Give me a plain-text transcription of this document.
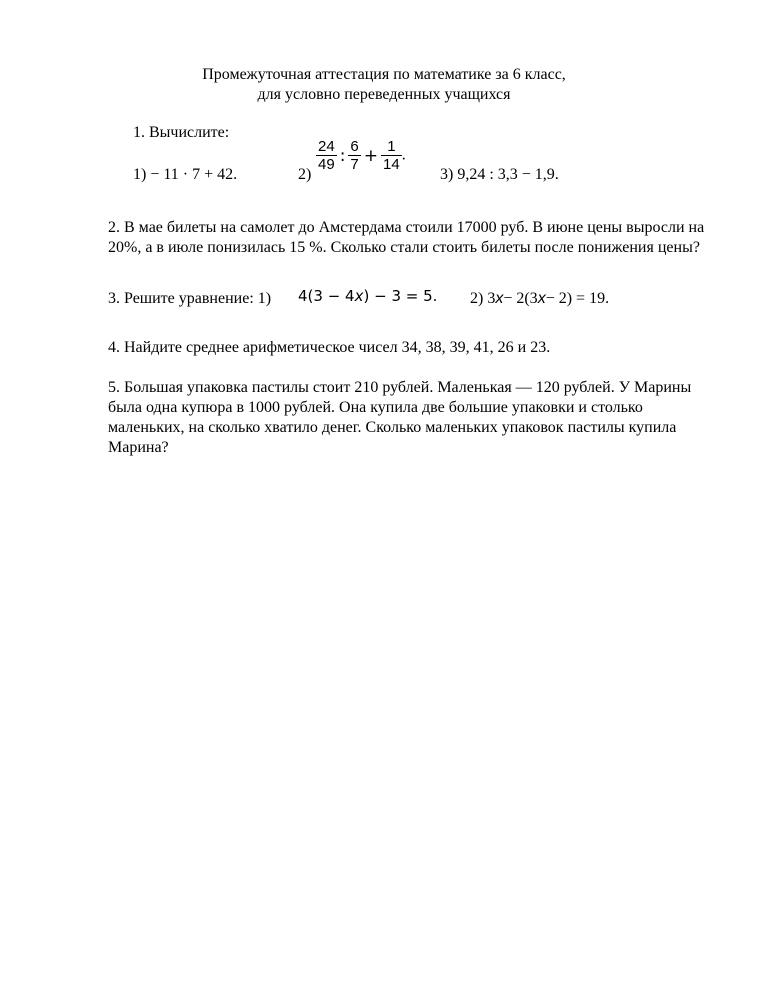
Промежуточная аттестация по математике за 6 класс,
для условно переведенных учащихся
1. Вычислите:
1) − 11 · 7 + 42.	2)
$\frac{24}{49}$ : $\frac{6}{7} + \frac{1}{14}$ .
3) 9,24 : 3,3 − 1,9.
2. В мае билеты на самолет до Амстердама стоили 17000 руб. В июне цены выросли на 20%, а в июле понизилась 15 %. Сколько стали стоить билеты после понижения цены?
3. Решите уравнение: 1) 4(3 − 4x) − 3 = 5. 2) 3x− 2(3x− 2) = 19.
4. Найдите среднее арифметическое чисел 34, 38, 39, 41, 26 и 23.
5. Большая упаковка пастилы стоит 210 рублей. Маленькая — 120 рублей. У Марины была одна купюра в 1000 рублей. Она купила две большие упаковки и столько маленьких, на сколько хватило денег. Сколько маленьких упаковок пастилы купила Марина?
